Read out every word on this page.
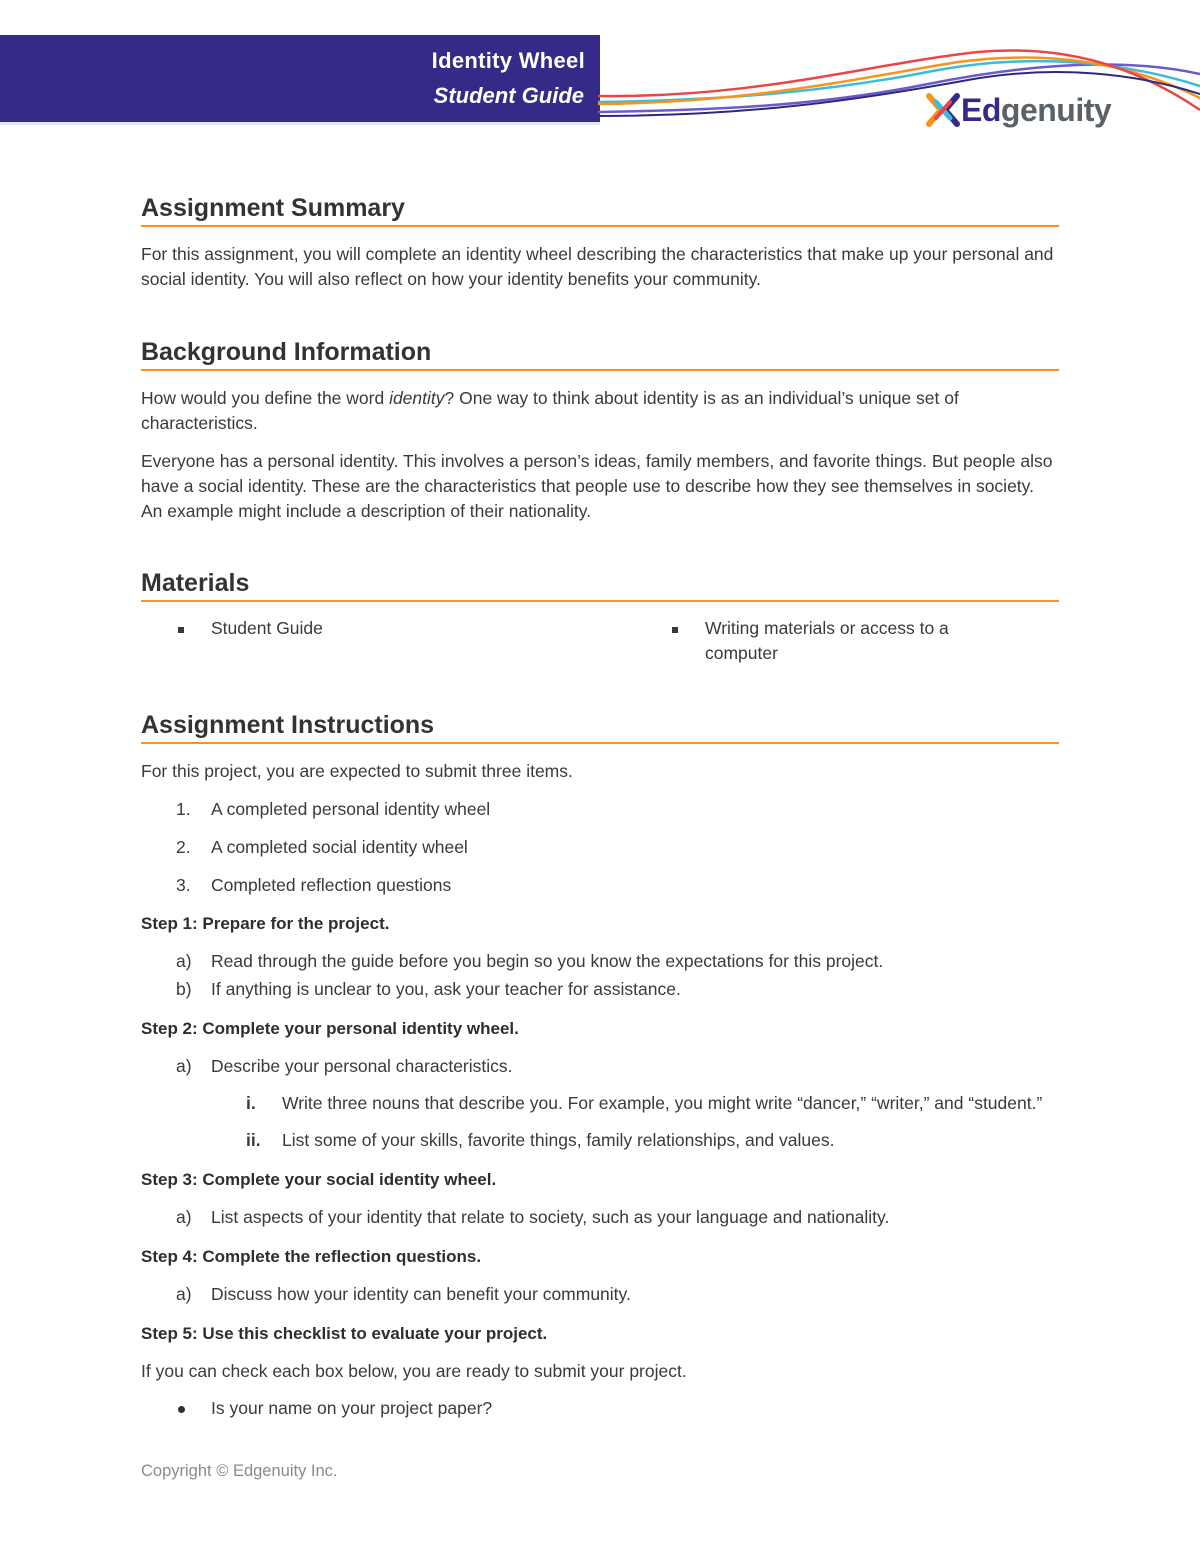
Identity Wheel
Student Guide	Edgenuity
Assignment Summary

For this assignment, you will complete an identity wheel describing the characteristics that make up your personal and social identity. You will also reflect on how your identity benefits your community.

Background Information

How would you define the word identity? One way to think about identity is as an individual’s unique set of characteristics.

Everyone has a personal identity. This involves a person’s ideas, family members, and favorite things. But people also have a social identity. These are the characteristics that people use to describe how they see themselves in society. An example might include a description of their nationality.

Materials
Student Guide	Writing materials or access to a computer
Assignment Instructions

For this project, you are expected to submit three items.

1.	A completed personal identity wheel
2.	A completed social identity wheel
3.	Completed reflection questions
Step 1: Prepare for the project.
a)	Read through the guide before you begin so you know the expectations for this project.
b)	If anything is unclear to you, ask your teacher for assistance.
Step 2: Complete your personal identity wheel.
a)	Describe your personal characteristics.
i.	Write three nouns that describe you. For example, you might write “dancer,” “writer,” and “student.”
ii.	List some of your skills, favorite things, family relationships, and values.
Step 3: Complete your social identity wheel.
a)	List aspects of your identity that relate to society, such as your language and nationality.
Step 4: Complete the reflection questions.
a)	Discuss how your identity can benefit your community.
Step 5: Use this checklist to evaluate your project.

If you can check each box below, you are ready to submit your project.

Is your name on your project paper?
Copyright © Edgenuity Inc.
